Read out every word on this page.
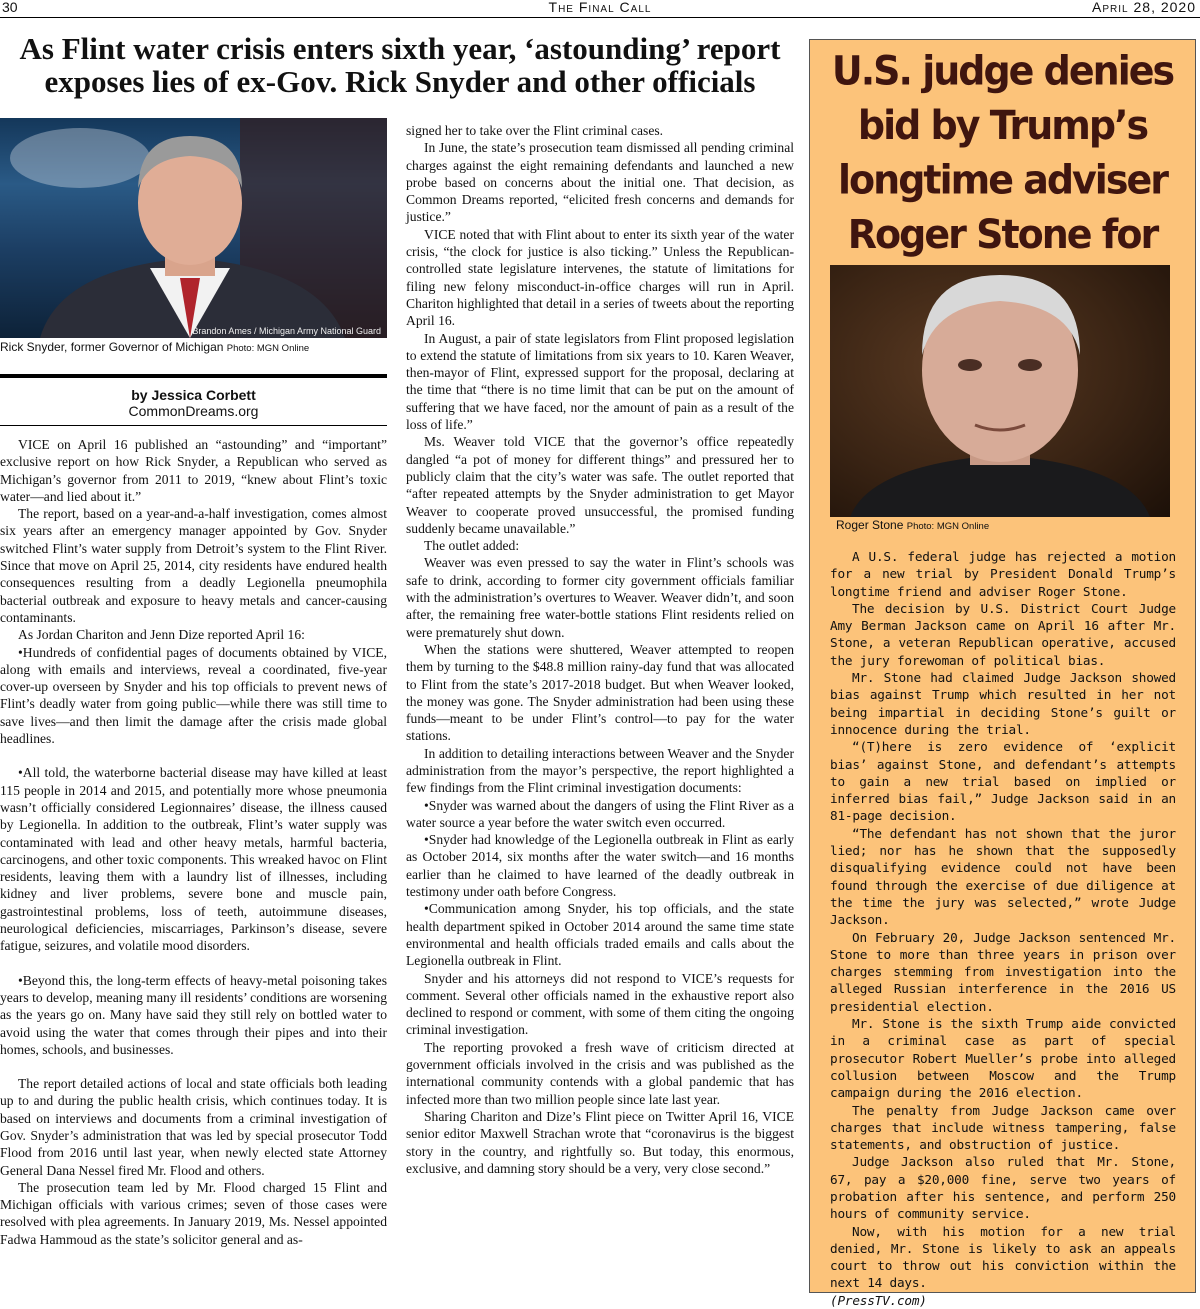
30	The Final Call	April 28, 2020
As Flint water crisis enters sixth year, ‘astounding’ report exposes lies of ex-Gov. Rick Snyder and other officials
Brandon Ames / Michigan Army National Guard
Rick Snyder, former Governor of Michigan Photo: MGN Online
by Jessica Corbett
CommonDreams.org

VICE on April 16 published an “astounding” and “important” exclusive report on how Rick Snyder, a Republican who served as Michigan’s governor from 2011 to 2019, “knew about Flint’s toxic water—and lied about it.”

The report, based on a year-and-a-half investigation, comes almost six years after an emergency manager appointed by Gov. Snyder switched Flint’s water supply from Detroit’s system to the Flint River. Since that move on April 25, 2014, city residents have endured health consequences resulting from a deadly Legionella pneumophila bacterial outbreak and exposure to heavy metals and cancer-causing contaminants.

As Jordan Chariton and Jenn Dize reported April 16:

•Hundreds of confidential pages of documents obtained by VICE, along with emails and interviews, reveal a coordinated, five-year cover-up overseen by Snyder and his top officials to prevent news of Flint’s deadly water from going public—while there was still time to save lives—and then limit the damage after the crisis made global headlines.

•All told, the waterborne bacterial disease may have killed at least 115 people in 2014 and 2015, and potentially more whose pneumonia wasn’t officially considered Legionnaires’ disease, the illness caused by Legionella. In addition to the outbreak, Flint’s water supply was contaminated with lead and other heavy metals, harmful bacteria, carcinogens, and other toxic components. This wreaked havoc on Flint residents, leaving them with a laundry list of illnesses, including kidney and liver problems, severe bone and muscle pain, gastrointestinal problems, loss of teeth, autoimmune diseases, neurological deficiencies, miscarriages, Parkinson’s disease, severe fatigue, seizures, and volatile mood disorders.

•Beyond this, the long-term effects of heavy-metal poisoning takes years to develop, meaning many ill residents’ conditions are worsening as the years go on. Many have said they still rely on bottled water to avoid using the water that comes through their pipes and into their homes, schools, and businesses.

The report detailed actions of local and state officials both leading up to and during the public health crisis, which continues today. It is based on interviews and documents from a criminal investigation of Gov. Snyder’s administration that was led by special prosecutor Todd Flood from 2016 until last year, when newly elected state Attorney General Dana Nessel fired Mr. Flood and others.

The prosecution team led by Mr. Flood charged 15 Flint and Michigan officials with various crimes; seven of those cases were resolved with plea agreements. In January 2019, Ms. Nessel appointed Fadwa Hammoud as the state’s solicitor general and as-

signed her to take over the Flint criminal cases.

In June, the state’s prosecution team dismissed all pending criminal charges against the eight remaining defendants and launched a new probe based on concerns about the initial one. That decision, as Common Dreams reported, “elicited fresh concerns and demands for justice.”

VICE noted that with Flint about to enter its sixth year of the water crisis, “the clock for justice is also ticking.” Unless the Republican-controlled state legislature intervenes, the statute of limitations for filing new felony misconduct-in-office charges will run in April. Chariton highlighted that detail in a series of tweets about the reporting April 16.

In August, a pair of state legislators from Flint proposed legislation to extend the statute of limitations from six years to 10. Karen Weaver, then-mayor of Flint, expressed support for the proposal, declaring at the time that “there is no time limit that can be put on the amount of suffering that we have faced, nor the amount of pain as a result of the loss of life.”

Ms. Weaver told VICE that the governor’s office repeatedly dangled “a pot of money for different things” and pressured her to publicly claim that the city’s water was safe. The outlet reported that “after repeated attempts by the Snyder administration to get Mayor Weaver to cooperate proved unsuccessful, the promised funding suddenly became unavailable.”

The outlet added:

Weaver was even pressed to say the water in Flint’s schools was safe to drink, according to former city government officials familiar with the administration’s overtures to Weaver. Weaver didn’t, and soon after, the remaining free water-bottle stations Flint residents relied on were prematurely shut down.

When the stations were shuttered, Weaver attempted to reopen them by turning to the $48.8 million rainy-day fund that was allocated to Flint from the state’s 2017-2018 budget. But when Weaver looked, the money was gone. The Snyder administration had been using these funds—meant to be under Flint’s control—to pay for the water stations.

In addition to detailing interactions between Weaver and the Snyder administration from the mayor’s perspective, the report highlighted a few findings from the Flint criminal investigation documents:

•Snyder was warned about the dangers of using the Flint River as a water source a year before the water switch even occurred.

•Snyder had knowledge of the Legionella outbreak in Flint as early as October 2014, six months after the water switch—and 16 months earlier than he claimed to have learned of the deadly outbreak in testimony under oath before Congress.

•Communication among Snyder, his top officials, and the state health department spiked in October 2014 around the same time state environmental and health officials traded emails and calls about the Legionella outbreak in Flint.

Snyder and his attorneys did not respond to VICE’s requests for comment. Several other officials named in the exhaustive report also declined to respond or comment, with some of them citing the ongoing criminal investigation.

The reporting provoked a fresh wave of criticism directed at government officials involved in the crisis and was published as the international community contends with a global pandemic that has infected more than two million people since late last year.

Sharing Chariton and Dize’s Flint piece on Twitter April 16, VICE senior editor Maxwell Strachan wrote that “coronavirus is the biggest story in the country, and rightfully so. But today, this enormous, exclusive, and damning story should be a very, very close second.”

U.S. judge denies bid by Trump’s longtime adviser Roger Stone for
Roger Stone Photo: MGN Online

A U.S. federal judge has rejected a motion for a new trial by President Donald Trump’s longtime friend and adviser Roger Stone.

The decision by U.S. District Court Judge Amy Berman Jackson came on April 16 after Mr. Stone, a veteran Republican operative, accused the jury forewoman of political bias.

Mr. Stone had claimed Judge Jackson showed bias against Trump which resulted in her not being impartial in deciding Stone’s guilt or innocence during the trial.

“(T)here is zero evidence of ‘explicit bias’ against Stone, and defendant’s attempts to gain a new trial based on implied or inferred bias fail,” Judge Jackson said in an 81-page decision.

“The defendant has not shown that the juror lied; nor has he shown that the supposedly disqualifying evidence could not have been found through the exercise of due diligence at the time the jury was selected,” wrote Judge Jackson.

On February 20, Judge Jackson sentenced Mr. Stone to more than three years in prison over charges stemming from investigation into the alleged Russian interference in the 2016 US presidential election.

Mr. Stone is the sixth Trump aide convicted in a criminal case as part of special prosecutor Robert Mueller’s probe into alleged collusion between Moscow and the Trump campaign during the 2016 election.

The penalty from Judge Jackson came over charges that include witness tampering, false statements, and obstruction of justice.

Judge Jackson also ruled that Mr. Stone, 67, pay a $20,000 fine, serve two years of probation after his sentence, and perform 250 hours of community service.

Now, with his motion for a new trial denied, Mr. Stone is likely to ask an appeals court to throw out his conviction within the next 14 days.

(PressTV.com)
